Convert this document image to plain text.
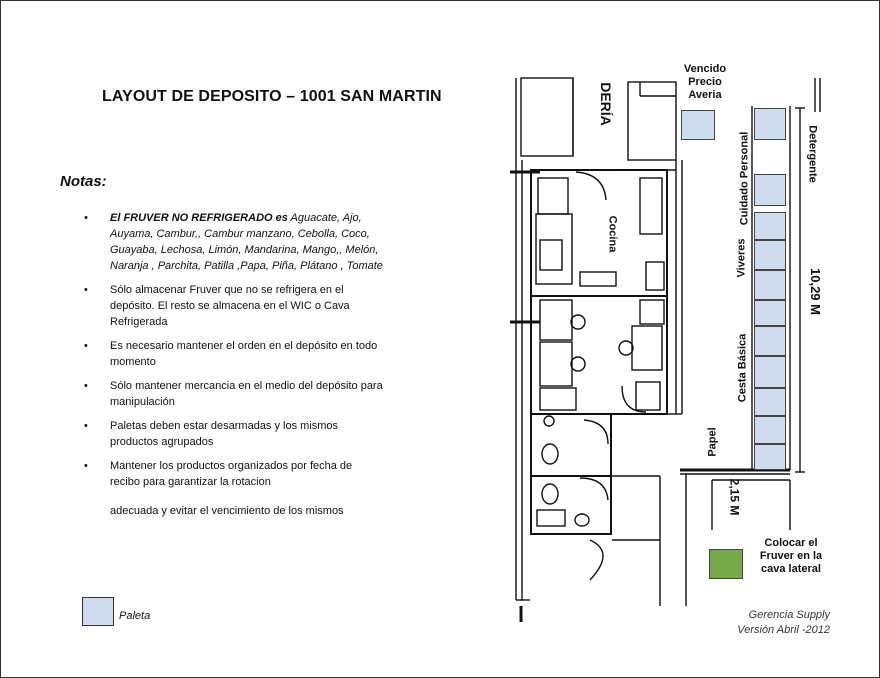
LAYOUT DE DEPOSITO – 1001 SAN MARTIN
Notas:
• El FRUVER NO REFRIGERADO es Aguacate, Ajo, Auyama, Cambur,, Cambur manzano, Cebolla, Coco, Guayaba, Lechosa, Limón, Mandarina, Mango,, Melón, Naranja , Parchita, Patilla ,Papa, Piña, Plátano , Tomate
• Sólo almacenar Fruver que no se refrigera en el depósito. El resto se almacena en el WIC o Cava Refrigerada
• Es necesario mantener el orden en el depósito en todo momento
• Sólo mantener mercancia en el medio del depósito para manipulación
• Paletas deben estar desarmadas y los mismos productos agrupados
• Mantener los productos organizados por fecha de recibo para garantizar la rotacion
adecuada y evitar el vencimiento de los mismos
Paleta	Gerencia Supply
Versión Abril -2012
Vencido Precio Averia
Detergente
Cuidado Personal
Viveres
Cesta Básica
Papel
10,29 M
2,15 M
DERÍA
Cocina
Colocar el Fruver en la cava lateral
